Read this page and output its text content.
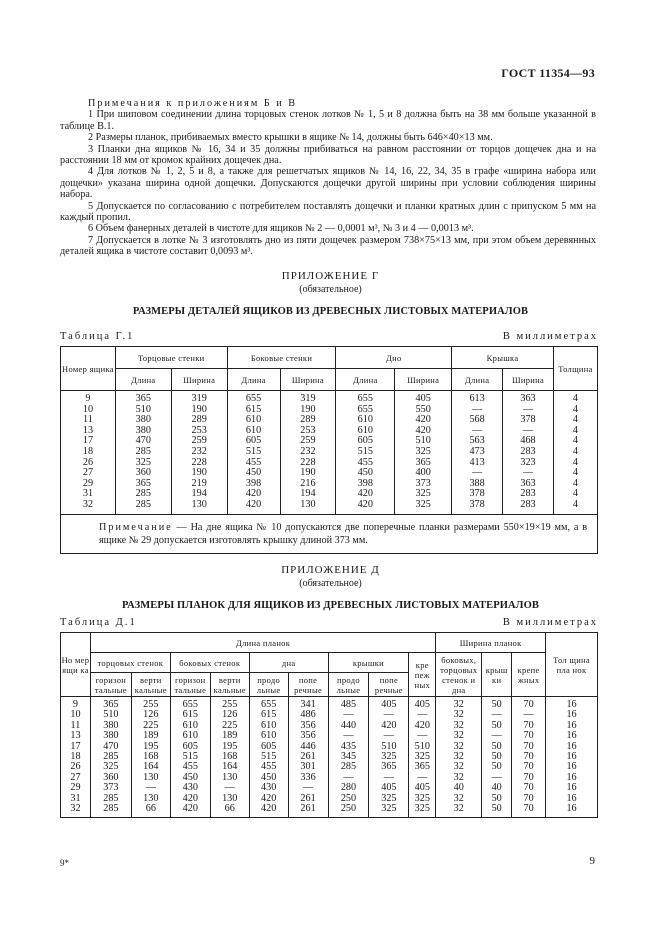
ГОСТ 11354—93

Примечания к приложениям Б и В

1 При шиповом соединении длина торцовых стенок лотков № 1, 5 и 8 должна быть на 38 мм больше указанной в таблице В.1.

2 Размеры планок, прибиваемых вместо крышки в ящике № 14, должны быть 646×40×13 мм.

3 Планки дна ящиков № 16, 34 и 35 должны прибиваться на равном расстоянии от торцов дощечек дна и на расстоянии 18 мм от кромок крайних дощечек дна.

4 Для лотков № 1, 2, 5 и 8, а также для решетчатых ящиков № 14, 16, 22, 34, 35 в графе «ширина набора или дощечки» указана ширина одной дощечки. Допускаются дощечки другой ширины при условии соблюдения ширины набора.

5 Допускается по согласованию с потребителем поставлять дощечки и планки кратных длин с припуском 5 мм на каждый пропил.

6 Объем фанерных деталей в чистоте для ящиков № 2 — 0,0001 м³, № 3 и 4 — 0,0013 м³.

7 Допускается в лотке № 3 изготовлять дно из пяти дощечек размером 738×75×13 мм, при этом объем деревянных деталей ящика в чистоте составит 0,0093 м³.

ПРИЛОЖЕНИЕ Г
(обязательное)
РАЗМЕРЫ ДЕТАЛЕЙ ЯЩИКОВ ИЗ ДРЕВЕСНЫХ ЛИСТОВЫХ МАТЕРИАЛОВ
Таблица Г.1	В миллиметрах
Номер ящика	Торцовые стенки		Боковые стенки		Дно		Крышка		Толщина
	Длина	Ширина	Длина	Ширина	Длина	Ширина	Длина	Ширина	
9	365	319	655	319	655	405	613	363	4
10	510	190	615	190	655	550	—	—	4
11	380	289	610	289	610	420	568	378	4
13	380	253	610	253	610	420	—	—	4
17	470	259	605	259	605	510	563	468	4
18	285	232	515	232	515	325	473	283	4
26	325	228	455	228	455	365	413	323	4
27	360	190	450	190	450	400	—	—	4
29	365	219	398	216	398	373	388	363	4
31	285	194	420	194	420	325	378	283	4
32	285	130	420	130	420	325	378	283	4
Примечание — На дне ящика № 10 допускаются две поперечные планки размерами 550×19×19 мм, а в ящике № 29 допускается изготовлять крышку длиной 373 мм.									
ПРИЛОЖЕНИЕ Д
(обязательное)
РАЗМЕРЫ ПЛАНОК ДЛЯ ЯЩИКОВ ИЗ ДРЕВЕСНЫХ ЛИСТОВЫХ МАТЕРИАЛОВ
Таблица Д.1	В миллиметрах
Но мер ящи ка	Длина планок									Ширина планок			Тол щина пла нок
	торцовых стенок		боковых стенок		дна		крышки		кре пеж ных	боковых, торцовых стенок и дна	крыш ки	крепе жных	
	горизон тальные	верти кальные	горизон тальные	верти кальные	продо льные	попе речные	продо льные	попе речные					
9	365	255	655	255	655	341	485	405	405	32	50	70	16
10	510	126	615	126	615	486	—	—	—	32	—	—	16
11	380	225	610	225	610	356	440	420	420	32	50	70	16
13	380	189	610	189	610	356	—	—	—	32	—	70	16
17	470	195	605	195	605	446	435	510	510	32	50	70	16
18	285	168	515	168	515	261	345	325	325	32	50	70	16
26	325	164	455	164	455	301	285	365	365	32	50	70	16
27	360	130	450	130	450	336	—	—	—	32	—	70	16
29	373	—	430	—	430	—	280	405	405	40	40	70	16
31	285	130	420	130	420	261	250	325	325	32	50	70	16
32	285	66	420	66	420	261	250	325	325	32	50	70	16
9*	9
